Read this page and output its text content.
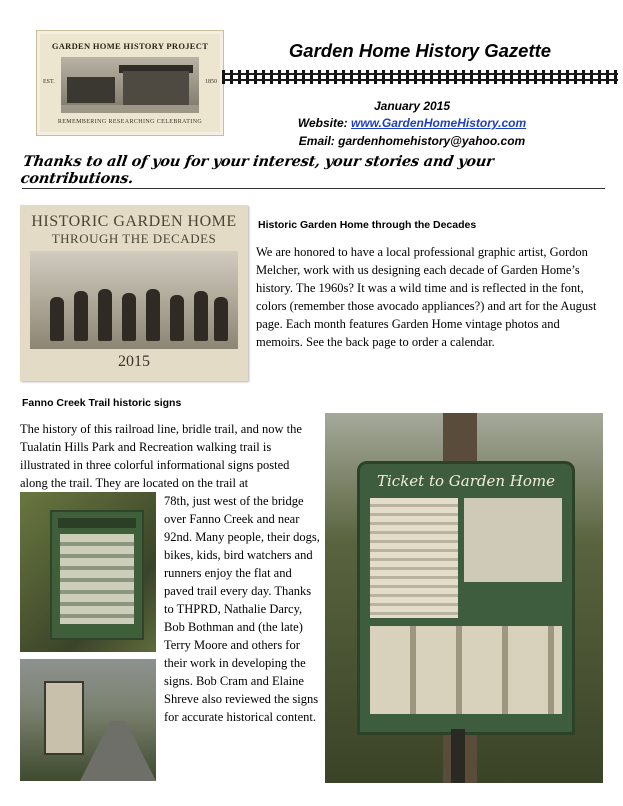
GARDEN HOME HISTORY PROJECT
EST.	1850
REMEMBERING RESEARCHING CELEBRATING
Garden Home History Gazette
January 2015
Website: www.GardenHomeHistory.com
Email: gardenhomehistory@yahoo.com
Thanks to all of you for your interest, your stories and your contributions.
HISTORIC GARDEN HOME
THROUGH THE DECADES
2015
Historic Garden Home through the Decades
We are honored to have a local professional graphic artist, Gordon Melcher, work with us designing each decade of Garden Home’s history. The 1960s? It was a wild time and is reflected in the font, colors (remember those avocado appliances?) and art for the August page. Each month features Garden Home vintage photos and memoirs. See the back page to order a calendar.
Fanno Creek Trail historic signs
The history of this railroad line, bridle trail, and now the Tualatin Hills Park and Recreation walking trail is illustrated in three colorful informational signs posted along the trail. They are located on the trail at
78th, just west of the bridge over Fanno Creek and near 92nd. Many people, their dogs, bikes, kids, bird watchers and runners enjoy the flat and paved trail every day. Thanks to THPRD, Nathalie Darcy, Bob Bothman and (the late) Terry Moore and others for their work in developing the signs. Bob Cram and Elaine Shreve also reviewed the signs for accurate historical content.
Ticket to Garden Home
